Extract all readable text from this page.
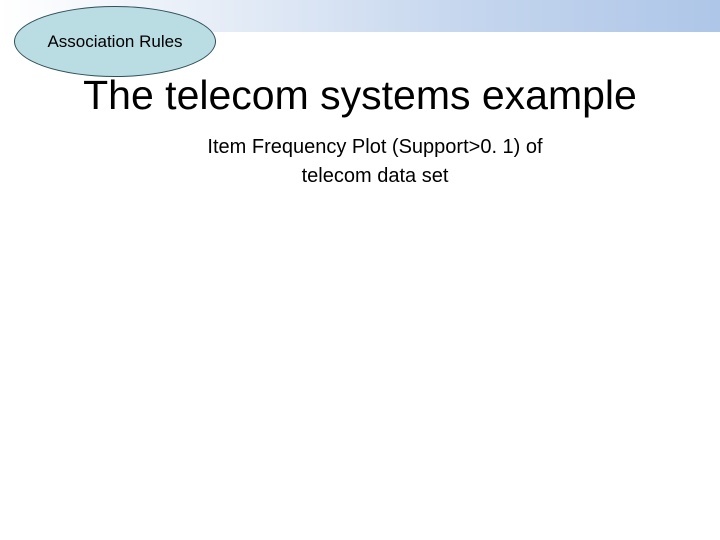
Association Rules
The telecom systems example
Item Frequency Plot (Support>0. 1) of
telecom data set
